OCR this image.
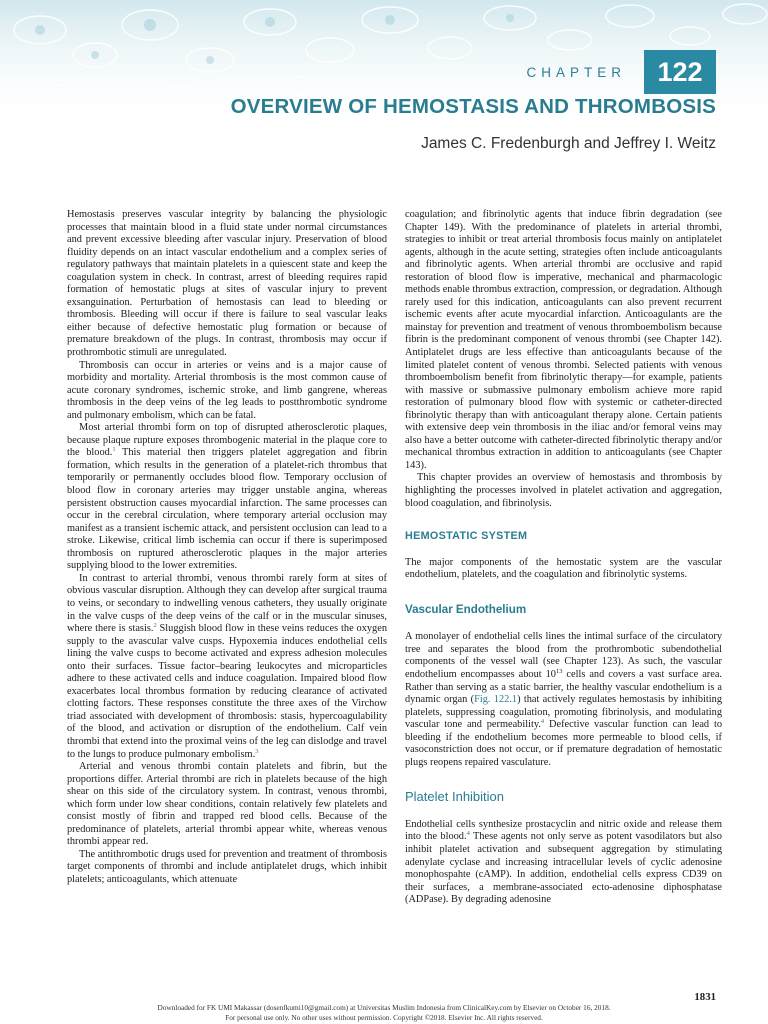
CHAPTER	122
OVERVIEW OF HEMOSTASIS AND THROMBOSIS
James C. Fredenburgh and Jeffrey I. Weitz

Hemostasis preserves vascular integrity by balancing the physiologic processes that maintain blood in a fluid state under normal circumstances and prevent excessive bleeding after vascular injury. Preservation of blood fluidity depends on an intact vascular endothelium and a complex series of regulatory pathways that maintain platelets in a quiescent state and keep the coagulation system in check. In contrast, arrest of bleeding requires rapid formation of hemostatic plugs at sites of vascular injury to prevent exsanguination. Perturbation of hemostasis can lead to bleeding or thrombosis. Bleeding will occur if there is failure to seal vascular leaks either because of defective hemostatic plug formation or because of premature breakdown of the plugs. In contrast, thrombosis may occur if prothrombotic stimuli are unregulated.

Thrombosis can occur in arteries or veins and is a major cause of morbidity and mortality. Arterial thrombosis is the most common cause of acute coronary syndromes, ischemic stroke, and limb gangrene, whereas thrombosis in the deep veins of the leg leads to postthrombotic syndrome and pulmonary embolism, which can be fatal.

Most arterial thrombi form on top of disrupted atherosclerotic plaques, because plaque rupture exposes thrombogenic material in the plaque core to the blood.$^1$ This material then triggers platelet aggregation and fibrin formation, which results in the generation of a platelet-rich thrombus that temporarily or permanently occludes blood flow. Temporary occlusion of blood flow in coronary arteries may trigger unstable angina, whereas persistent obstruction causes myocardial infarction. The same processes can occur in the cerebral circulation, where temporary arterial occlusion may manifest as a transient ischemic attack, and persistent occlusion can lead to a stroke. Likewise, critical limb ischemia can occur if there is superimposed thrombosis on ruptured atherosclerotic plaques in the major arteries supplying blood to the lower extremities.

In contrast to arterial thrombi, venous thrombi rarely form at sites of obvious vascular disruption. Although they can develop after surgical trauma to veins, or secondary to indwelling venous catheters, they usually originate in the valve cusps of the deep veins of the calf or in the muscular sinuses, where there is stasis.$^2$ Sluggish blood flow in these veins reduces the oxygen supply to the avascular valve cusps. Hypoxemia induces endothelial cells lining the valve cusps to become activated and express adhesion molecules onto their surfaces. Tissue factor–bearing leukocytes and microparticles adhere to these activated cells and induce coagulation. Impaired blood flow exacerbates local thrombus formation by reducing clearance of activated clotting factors. These responses constitute the three axes of the Virchow triad associated with development of thrombosis: stasis, hypercoagulability of the blood, and activation or disruption of the endothelium. Calf vein thrombi that extend into the proximal veins of the leg can dislodge and travel to the lungs to produce pulmonary embolism.$^3$

Arterial and venous thrombi contain platelets and fibrin, but the proportions differ. Arterial thrombi are rich in platelets because of the high shear on this side of the circulatory system. In contrast, venous thrombi, which form under low shear conditions, contain relatively few platelets and consist mostly of fibrin and trapped red blood cells. Because of the predominance of platelets, arterial thrombi appear white, whereas venous thrombi appear red.

The antithrombotic drugs used for prevention and treatment of thrombosis target components of thrombi and include antiplatelet drugs, which inhibit platelets; anticoagulants, which attenuate

coagulation; and fibrinolytic agents that induce fibrin degradation (see Chapter 149). With the predominance of platelets in arterial thrombi, strategies to inhibit or treat arterial thrombosis focus mainly on antiplatelet agents, although in the acute setting, strategies often include anticoagulants and fibrinolytic agents. When arterial thrombi are occlusive and rapid restoration of blood flow is imperative, mechanical and pharmacologic methods enable thrombus extraction, compression, or degradation. Although rarely used for this indication, anticoagulants can also prevent recurrent ischemic events after acute myocardial infarction. Anticoagulants are the mainstay for prevention and treatment of venous thromboembolism because fibrin is the predominant component of venous thrombi (see Chapter 142). Antiplatelet drugs are less effective than anticoagulants because of the limited platelet content of venous thrombi. Selected patients with venous thromboembolism benefit from fibrinolytic therapy—for example, patients with massive or submassive pulmonary embolism achieve more rapid restoration of pulmonary blood flow with systemic or catheter-directed fibrinolytic therapy than with anticoagulant therapy alone. Certain patients with extensive deep vein thrombosis in the iliac and/or femoral veins may also have a better outcome with catheter-directed fibrinolytic therapy and/or mechanical thrombus extraction in addition to anticoagulants (see Chapter 143).

This chapter provides an overview of hemostasis and thrombosis by highlighting the processes involved in platelet activation and aggregation, blood coagulation, and fibrinolysis.

HEMOSTATIC SYSTEM

The major components of the hemostatic system are the vascular endothelium, platelets, and the coagulation and fibrinolytic systems.

Vascular Endothelium

A monolayer of endothelial cells lines the intimal surface of the circulatory tree and separates the blood from the prothrombotic subendothelial components of the vessel wall (see Chapter 123). As such, the vascular endothelium encompasses about $10^{13}$ cells and covers a vast surface area. Rather than serving as a static barrier, the healthy vascular endothelium is a dynamic organ (Fig. 122.1) that actively regulates hemostasis by inhibiting platelets, suppressing coagulation, promoting fibrinolysis, and modulating vascular tone and permeability.$^4$ Defective vascular function can lead to bleeding if the endothelium becomes more permeable to blood cells, if vasoconstriction does not occur, or if premature degradation of hemostatic plugs reopens repaired vasculature.

Platelet Inhibition

Endothelial cells synthesize prostacyclin and nitric oxide and release them into the blood.$^4$ These agents not only serve as potent vasodilators but also inhibit platelet activation and subsequent aggregation by stimulating adenylate cyclase and increasing intracellular levels of cyclic adenosine monophospahte (cAMP). In addition, endothelial cells express CD39 on their surfaces, a membrane-associated ecto-adenosine diphosphatase (ADPase). By degrading adenosine

1831
Downloaded for FK UMI Makassar (dosenfkumi10@gmail.com) at Universitas Muslim Indonesia from ClinicalKey.com by Elsevier on October 16, 2018.
For personal use only. No other uses without permission. Copyright ©2018. Elsevier Inc. All rights reserved.
